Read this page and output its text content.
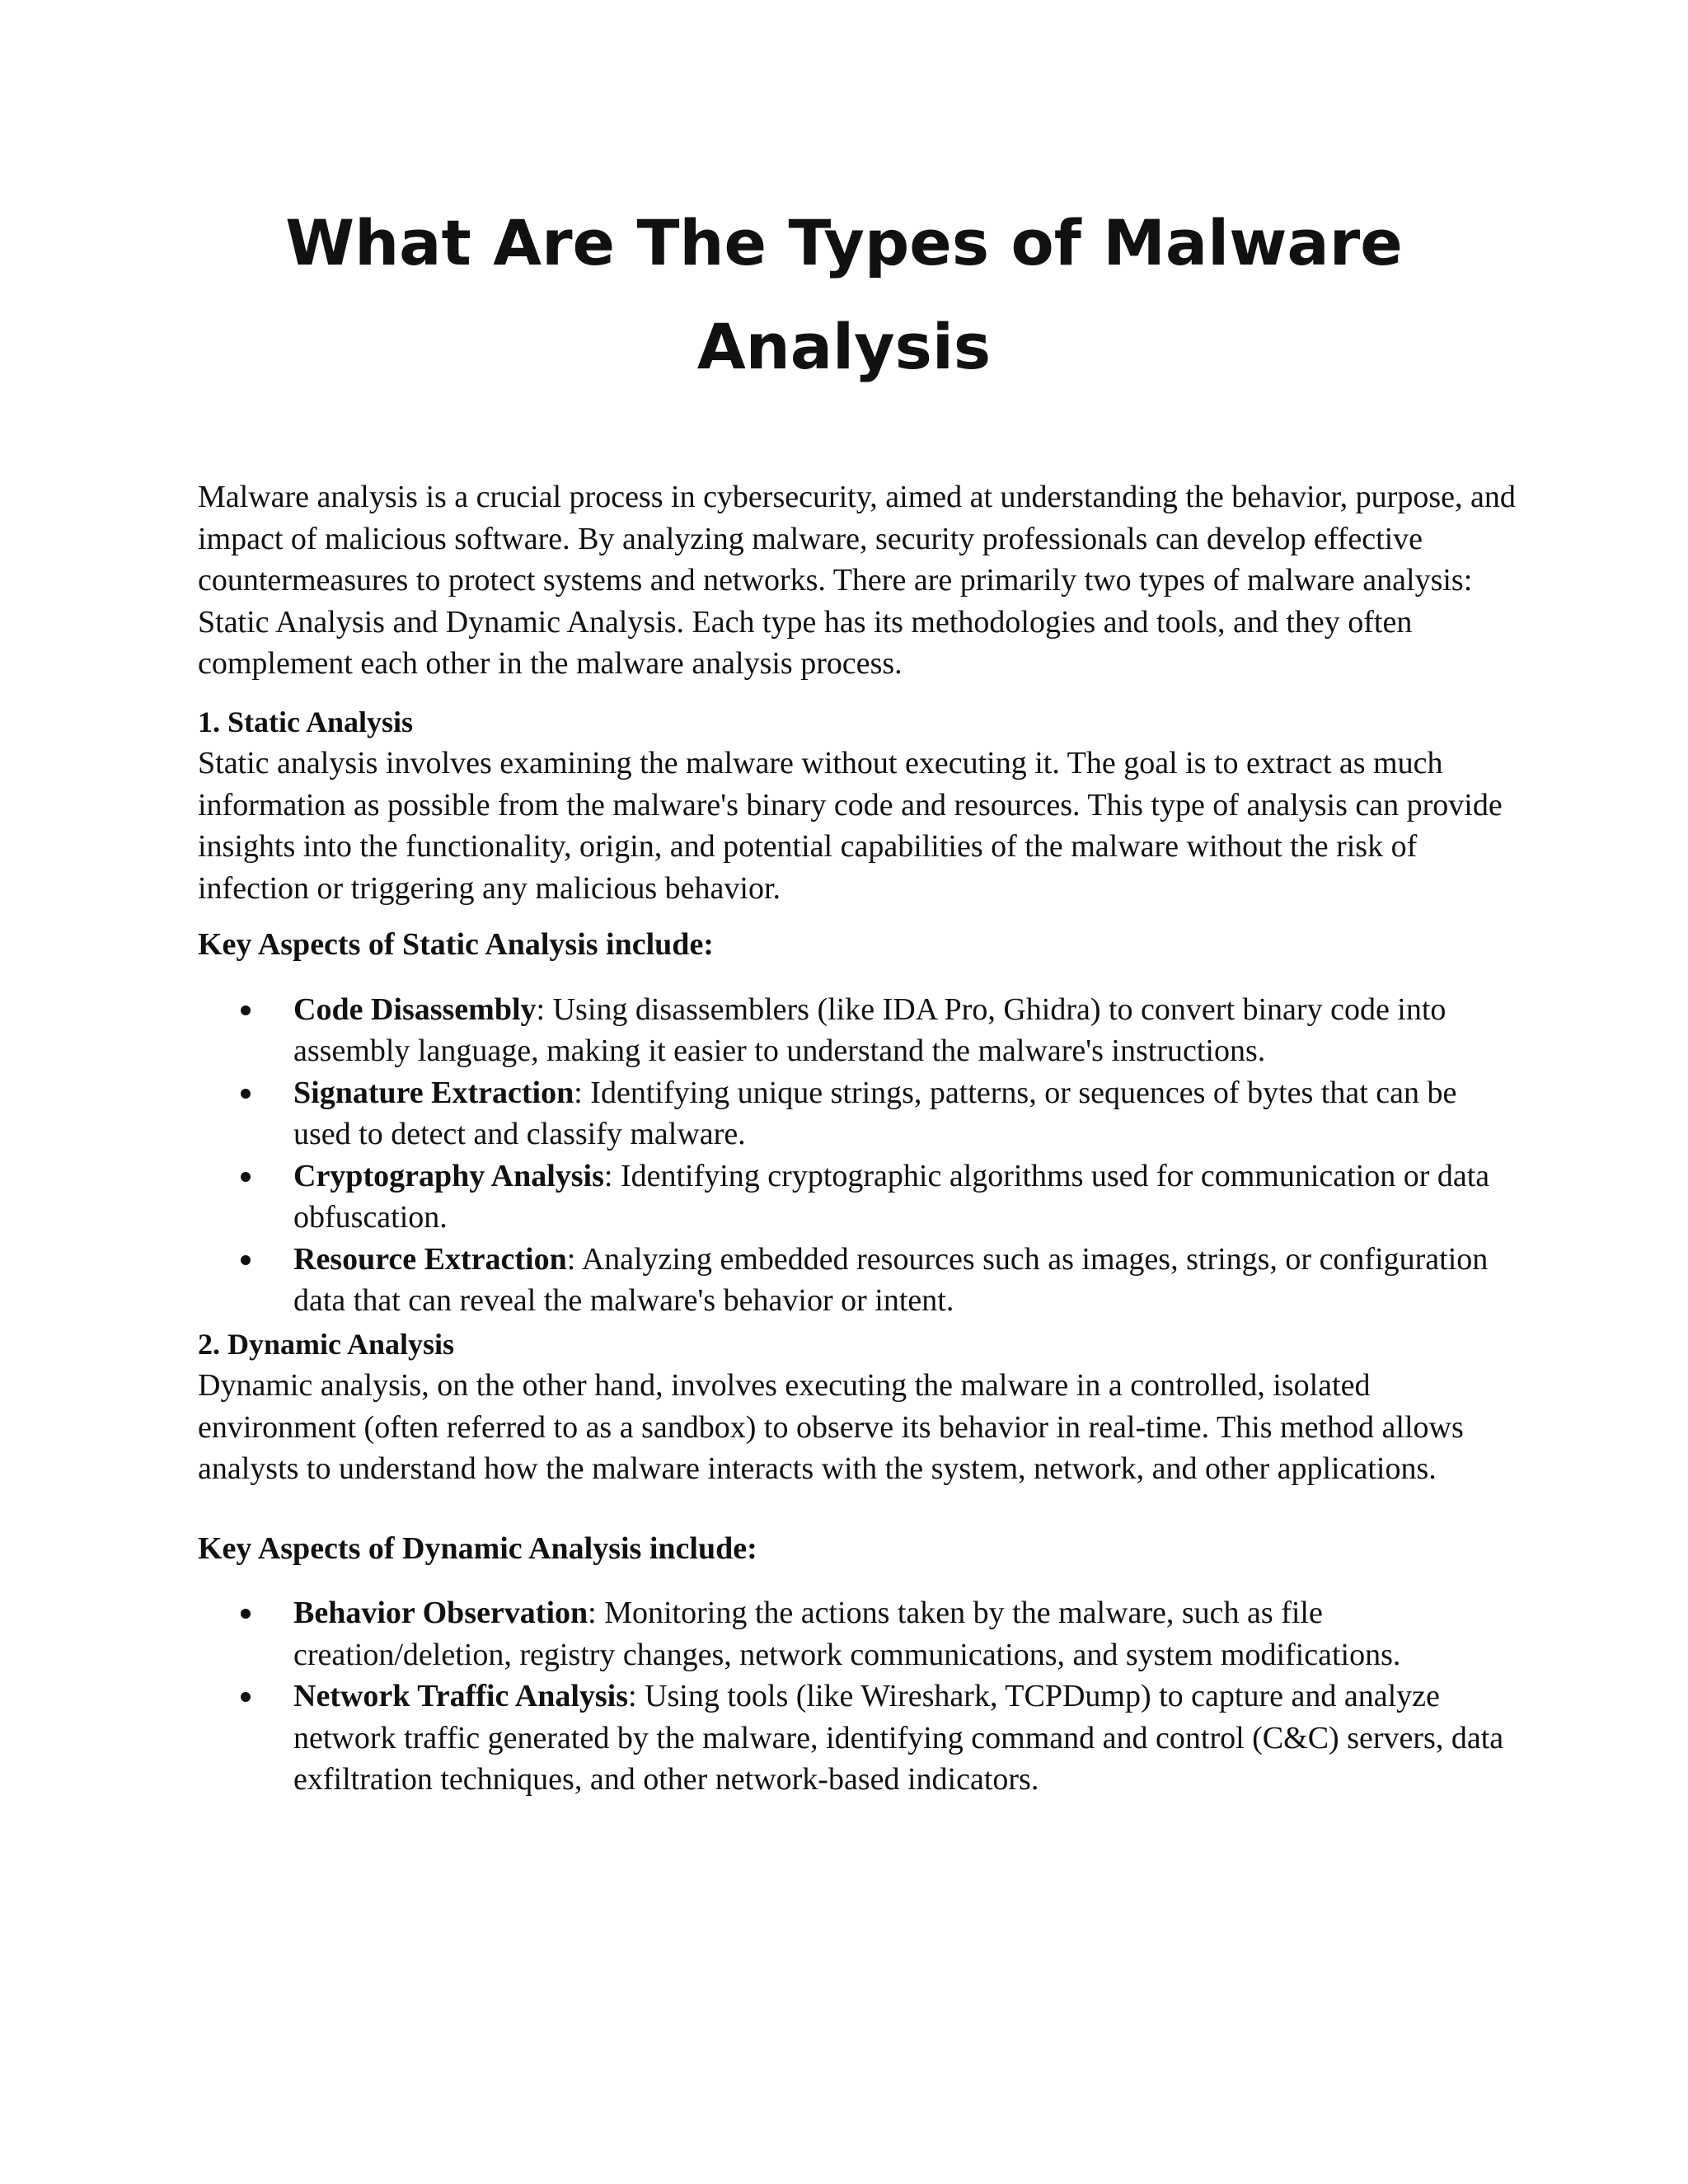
What Are The Types of Malware Analysis

Malware analysis is a crucial process in cybersecurity, aimed at understanding the behavior, purpose, and impact of malicious software. By analyzing malware, security professionals can develop effective countermeasures to protect systems and networks. There are primarily two types of malware analysis: Static Analysis and Dynamic Analysis. Each type has its methodologies and tools, and they often complement each other in the malware analysis process.

1. Static Analysis

Static analysis involves examining the malware without executing it. The goal is to extract as much information as possible from the malware's binary code and resources. This type of analysis can provide insights into the functionality, origin, and potential capabilities of the malware without the risk of infection or triggering any malicious behavior.

Key Aspects of Static Analysis include:

Code Disassembly: Using disassemblers (like IDA Pro, Ghidra) to convert binary code into assembly language, making it easier to understand the malware's instructions.
Signature Extraction: Identifying unique strings, patterns, or sequences of bytes that can be used to detect and classify malware.
Cryptography Analysis: Identifying cryptographic algorithms used for communication or data obfuscation.
Resource Extraction: Analyzing embedded resources such as images, strings, or configuration data that can reveal the malware's behavior or intent.

2. Dynamic Analysis

Dynamic analysis, on the other hand, involves executing the malware in a controlled, isolated environment (often referred to as a sandbox) to observe its behavior in real-time. This method allows analysts to understand how the malware interacts with the system, network, and other applications.

Key Aspects of Dynamic Analysis include:

Behavior Observation: Monitoring the actions taken by the malware, such as file creation/deletion, registry changes, network communications, and system modifications.
Network Traffic Analysis: Using tools (like Wireshark, TCPDump) to capture and analyze network traffic generated by the malware, identifying command and control (C&C) servers, data exfiltration techniques, and other network-based indicators.
